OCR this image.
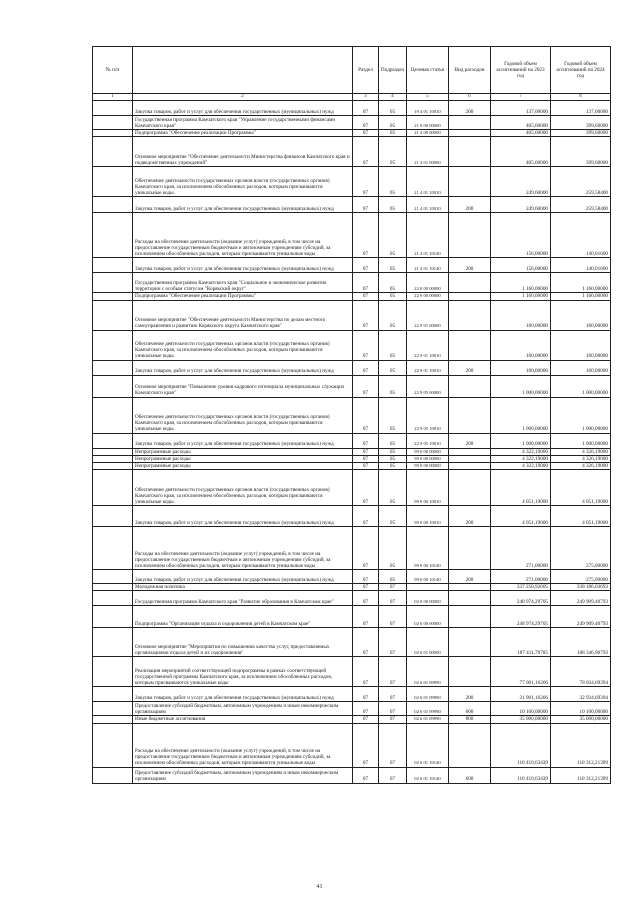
№ п/п		Раздел	Подраздел	Целевая статья	Вид расходов	Годовой объем ассигнований на 2023 год	Годовой объем ассигнований на 2024 год
1	2	3	4	5	6	7	8
	Закупка товаров, работ и услуг для обеспечения государственных (муниципальных) нужд	07	05	19 4 01 10010	200	137,00000	137,00000
	Государственная программа Камчатского края "Управление государственными финансами Камчатского края"	07	05	21 0 00 00000		405,60000	399,60000
	Подпрограмма "Обеспечение реализации Программы"	07	05	21 4 00 00000		405,60000	399,60000
	Основное мероприятие "Обеспечение деятельности Министерства финансов Камчатского края и подведомственных учреждений"	07	05	21 4 01 00000		405,60000	399,60000
	Обеспечение деятельности государственных органов власти (государственных органов) Камчатского края, за исключением обособленных расходов, которым присваиваются уникальные коды.	07	05	21 4 01 10010		249,60000	259,58400
	Закупка товаров, работ и услуг для обеспечения государственных (муниципальных) нужд	07	05	21 4 01 10010	200	249,60000	259,58400
	Расходы на обеспечение деятельности (оказание услуг) учреждений, в том числе на предоставление государственным бюджетным и автономным учреждениям субсидий, за исключением обособленных расходов, которым присваиваются уникальные коды	07	05	21 4 01 10140		156,00000	140,01600
	Закупка товаров, работ и услуг для обеспечения государственных (муниципальных) нужд	07	05	21 4 01 10140	200	156,00000	140,01600
	Государственная программа Камчатского края "Социальное и экономическое развитие территории с особым статусом "Корякский округ"	07	05	22 0 00 00000		1 160,00000	1 160,00000
	Подпрограмма "Обеспечение реализации Программы"	07	05	22 9 00 00000		1 160,00000	1 160,00000
	Основное мероприятие "Обеспечение деятельности Министерства по делам местного самоуправления и развитию Корякского округа Камчатского края"	07	05	22 9 01 00000		160,00000	160,00000
	Обеспечение деятельности государственных органов власти (государственных органов) Камчатского края, за исключением обособленных расходов, которым присваиваются уникальные коды.	07	05	22 9 01 10010		160,00000	160,00000
	Закупка товаров, работ и услуг для обеспечения государственных (муниципальных) нужд	07	05	22 9 01 10010	200	160,00000	160,00000
	Основное мероприятие "Повышение уровня кадрового потенциала муниципальных служащих Камчатского края"	07	05	22 9 05 00000		1 000,00000	1 000,00000
	Обеспечение деятельности государственных органов власти (государственных органов) Камчатского края, за исключением обособленных расходов, которым присваиваются уникальные коды.	07	05	22 9 05 10010		1 000,00000	1 000,00000
	Закупка товаров, работ и услуг для обеспечения государственных (муниципальных) нужд	07	05	22 9 05 10010	200	1 000,00000	1 000,00000
	Непрограммные расходы	07	05	99 0 00 00000		4 322,19000	4 326,19000
	Непрограммные расходы	07	05	99 0 00 00000		4 322,19000	4 326,19000
	Непрограммные расходы	07	05	99 0 00 00000		4 322,19000	4 326,19000
	Обеспечение деятельности государственных органов власти (государственных органов) Камчатского края, за исключением обособленных расходов, которым присваиваются уникальные коды.	07	05	99 0 00 10010		4 051,19000	4 051,19000
	Закупка товаров, работ и услуг для обеспечения государственных (муниципальных) нужд	07	05	99 0 00 10010	200	4 051,19000	4 051,19000
	Расходы на обеспечение деятельности (оказание услуг) учреждений, в том числе на предоставление государственным бюджетным и автономным учреждениям субсидий, за исключением обособленных расходов, которым присваиваются уникальные коды	07	05	99 0 00 10140		271,00000	275,00000
	Закупка товаров, работ и услуг для обеспечения государственных (муниципальных) нужд	07	05	99 0 00 10140	200	271,00000	275,00000
	Молодежная политика	07	07			337 250,92605	338 186,03693
	Государственная программа Камчатского края "Развитие образования в Камчатском крае"	07	07	02 0 00 00000		248 974,29705	249 909,40793
	Подпрограмма "Организация отдыха и оздоровления детей в Камчатском крае"	07	07	02 6 00 00000		248 974,29705	249 909,40793
	Основное мероприятие "Мероприятия по повышению качества услуг, предоставляемых организациями отдыха детей и их оздоровления"	07	07	02 6 01 00000		187 411,79705	188 346,90793
	Реализация мероприятий соответствующей подпрограммы в рамках соответствующей государственной программы Камчатского края, за исключением обособленных расходов, которым присваиваются уникальные коды	07	07	02 6 01 09990		77 001,16266	78 034,69394
	Закупка товаров, работ и услуг для обеспечения государственных (муниципальных) нужд	07	07	02 6 01 09990	200	31 901,16266	32 934,69394
	Предоставление субсидий бюджетным, автономным учреждениям и иным некоммерческим организациям	07	07	02 6 01 09990	600	10 100,00000	10 100,00000
	Иные бюджетные ассигнования	07	07	02 6 01 09990	800	35 000,00000	35 000,00000
	Расходы на обеспечение деятельности (оказание услуг) учреждений, в том числе на предоставление государственным бюджетным и автономным учреждениям субсидий, за исключением обособленных расходов, которым присваиваются уникальные коды	07	07	02 6 01 10140		110 410,63439	110 312,21399
	Предоставление субсидий бюджетным, автономным учреждениям и иным некоммерческим организациям	07	07	02 6 01 10140	600	110 410,63439	110 312,21399
41
